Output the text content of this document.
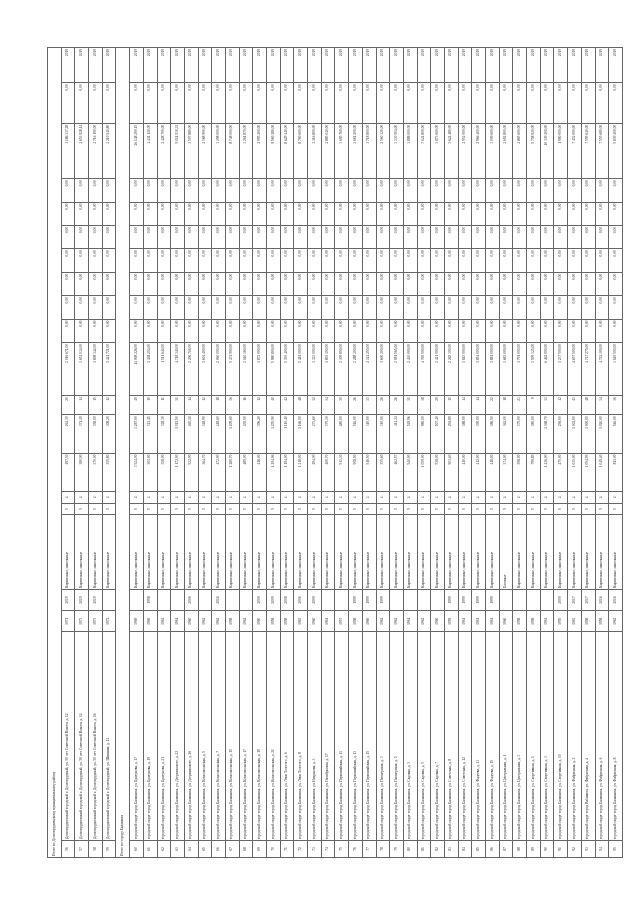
Итого по Долгопрудненскому муниципальному району																				
56	Долгопрудненский городской г. Долгопрудный, ул. 50 лет Советской Власти, д. 12	1971	2019	Кирпичные, панельные	5	4	497,30	262,30	20	2 016 671,00	0,00	0,00	0,00	0,00	0,00	0,00	0,00	3 186 337,28	0,00	2019
57	Долгопрудненский городской г. Долгопрудный, ул. 50 лет Советской Власти, д. 14	1973	2019	Кирпичные, панельные	5	4	380,90	371,19	14	1 652 534,00	0,00	0,00	0,00	0,00	0,00	0,00	0,00	2 653 928,14	0,00	2019
58	Долгопрудненский городской г. Долгопрудный, ул. 50 лет Советской Власти, д. 16	1973	2019	Кирпичные, панельные	5	4	370,00	358,00	15	1 698 342,00	0,00	0,00	0,00	0,00	0,00	0,00	0,00	2 716 190,00	0,00	2019
59	Долгопрудненский городской г. Долгопрудный, ул. Шишина, д. 12	1972		Кирпичные, панельные	5	4	355,80	308,20	12	1 421 721,00	0,00	0,00	0,00	0,00	0,00	0,00	0,00	2 210 540,80	0,00	2019
Итого по городу Балашиха																				
60	городской округ город Балашиха, ул. Брагунова, д. 17	1969		Кирпичные, панельные	5	4	3 524,00	3 287,00	49	11 008 226,00	0,00	0,00	0,00	0,00	0,00	0,00	0,00	26 148 290,15	0,00	2019
61	городской округ город Балашиха, ул. Брагунова, д. 19	1969	1998	Кирпичные, панельные	5	4	301,00	313,45	10	1 438 254,00	0,00	0,00	0,00	0,00	0,00	0,00	0,00	2 411 110,00	0,00	2019
62	городской округ город Балашиха, ул. Брагунова, д. 21	1964		Кирпичные, панельные	5	4	358,00	328,30	11	1 511 640,00	0,00	0,00	0,00	0,00	0,00	0,00	0,00	2 428 700,00	0,00	2019
63	городской округ город Балашиха, ул. Дзержинского, д. 22	1961		Кирпичные, панельные	5	4	1 172,00	1 015,50	31	4 718 340,00	0,00	0,00	0,00	0,00	0,00	0,00	0,00	9 011 530,32	0,00	2019
64	городской округ город Балашиха, ул. Дзержинского, д. 26	1960	2006	Кирпичные, панельные	5	4	522,00	465,10	14	2 206 716,00	0,00	0,00	0,00	0,00	0,00	0,00	0,00	3 507 880,00	0,00	2019
65	городской округ город Балашиха, ул. Комсомольская, д. 5	1962		Кирпичные, панельные	5	4	364,70	348,90	12	1 604 400,00	0,00	0,00	0,00	0,00	0,00	0,00	0,00	2 568 900,00	0,00	2019
66	городской округ город Балашиха, ул. Комсомольская, д. 7	1962	2016	Кирпичные, панельные	5	4	472,90	418,60	18	2 060 000,00	0,00	0,00	0,00	0,00	0,00	0,00	0,00	3 298 000,00	0,00	2019
67	городской округ город Балашиха, ул. Комсомольская, д. 15	1958		Кирпичные, панельные	5	4	1 280,70	1 209,60	36	5 474 900,00	0,00	0,00	0,00	0,00	0,00	0,00	0,00	8 748 000,00	0,00	2019
68	городской округ город Балашиха, ул. Комсомольская, д. 17	1962		Кирпичные, панельные	5	4	489,00	455,50	16	2 040 360,00	0,00	0,00	0,00	0,00	0,00	0,00	0,00	3 261 870,00	0,00	2019
69	городской округ город Балашиха, ул. Комсомольская, д. 19	1960	2009	Кирпичные, панельные	5	4	416,00	396,20	12	1 872 000,00	0,00	0,00	0,00	0,00	0,00	0,00	0,00	2 995 200,00	0,00	2019
70	городской округ город Балашиха, ул. Комсомольская, д. 21	1958	2009	Кирпичные, панельные	5	4	1 294,06	1 255,90	40	5 980 800,00	0,00	0,00	0,00	0,00	0,00	0,00	0,00	9 569 280,00	0,00	2019
71	городской округ город Балашиха, ул. Лени Толстого, д. 6	1958	2008	Кирпичные, панельные	5	4	1 194,00	1 110,40	42	5 393 400,00	0,00	0,00	0,00	0,00	0,00	0,00	0,00	8 629 440,00	0,00	2019
72	городской округ город Балашиха, ул. Лени Толстого, д. 8	1963	2006	Кирпичные, панельные	5	4	1 218,00	1 166,00	48	5 481 000,00	0,00	0,00	0,00	0,00	0,00	0,00	0,00	8 769 600,00	0,00	2019
73	городской округ город Балашиха, ул. Некрасова, д. 3	1960	2009	Кирпичные, панельные	5	4	294,00	273,60	32	1 323 000,00	0,00	0,00	0,00	0,00	0,00	0,00	0,00	2 116 800,00	0,00	2019
74	городской округ город Балашиха, ул. Октябрьская, д. 17	1961		Кирпичные, панельные	5	4	400,70	375,30	34	1 803 150,00	0,00	0,00	0,00	0,00	0,00	0,00	0,00	2 885 040,00	0,00	2019
75	городской округ город Балашиха, ул. Первомайская, д. 11	1957		Кирпичные, панельные	5	4	513,30	480,00	30	2 309 850,00	0,00	0,00	0,00	0,00	0,00	0,00	0,00	3 695 760,00	0,00	2019
76	городской округ город Балашиха, ул. Первомайская, д. 13	1958	1999	Кирпичные, панельные	5	4	508,50	516,00	26	2 288 250,00	0,00	0,00	0,00	0,00	0,00	0,00	0,00	3 661 200,00	0,00	2019
77	городской округ город Балашиха, ул. Первомайская, д. 15	1960	1999	Кирпичные, панельные	5	4	516,50	310,00	33	2 324 250,00	0,00	0,00	0,00	0,00	0,00	0,00	0,00	3 718 800,00	0,00	2019
78	городской округ город Балашиха, ул. Пионерская, д. 3	1962	1999	Кирпичные, панельные	5	4	355,60	310,00	26	1 600 200,00	0,00	0,00	0,00	0,00	0,00	0,00	0,00	2 560 320,00	0,00	2019
79	городской округ город Балашиха, ул. Пионерская, д. 5	1962		Кирпичные, панельные	5	4	462,57	411,24	26	2 081 565,00	0,00	0,00	0,00	0,00	0,00	0,00	0,00	3 330 504,00	0,00	2019
80	городской округ город Балашиха, ул. Садовая, д. 3	1961		Кирпичные, панельные	5	4	540,00	529,96	31	2 430 000,00	0,00	0,00	0,00	0,00	0,00	0,00	0,00	3 888 000,00	0,00	2019
81	городской округ город Балашиха, ул. Садовая, д. 5	1962		Кирпичные, панельные	5	4	1 059,00	980,00	38	4 765 500,00	0,00	0,00	0,00	0,00	0,00	0,00	0,00	7 624 800,00	0,00	2019
82	городской округ город Балашиха, ул. Садовая, д. 7	1960		Кирпичные, панельные	5	4	538,00	507,40	29	2 421 000,00	0,00	0,00	0,00	0,00	0,00	0,00	0,00	3 873 600,00	0,00	2019
83	городской округ город Балашиха, ул. Советская, д. 8	1959	1999	Кирпичные, панельные	5	4	503,40	294,89	15	2 265 300,00	0,00	0,00	0,00	0,00	0,00	0,00	0,00	3 624 480,00	0,00	2019
84	городской округ город Балашиха, ул. Советская, д. 12	1961	1999	Кирпичные, панельные	5	4	410,00	388,00	14	1 845 000,00	0,00	0,00	0,00	0,00	0,00	0,00	0,00	2 952 000,00	0,00	2019
85	городской округ город Балашиха, ул. Фадеева, д. 13	1961	1999	Кирпичные, панельные	5	4	412,00	390,00	14	1 854 000,00	0,00	0,00	0,00	0,00	0,00	0,00	0,00	2 966 400,00	0,00	2019
86	городской округ город Балашиха, ул. Фадеева, д. 15	1961	1999	Кирпичные, панельные	5	4	418,00	386,50	22	1 881 000,00	0,00	0,00	0,00	0,00	0,00	0,00	0,00	3 009 600,00	0,00	2019
87	городской округ город Балашиха, ул. Центральная, д. 1	1960		Блочные	5	4	374,00	362,00	18	1 683 000,00	0,00	0,00	0,00	0,00	0,00	0,00	0,00	2 692 800,00	0,00	2019
88	городской округ город Балашиха, ул. Центральная, д. 3	1958		Кирпичные, панельные	5	4	398,00	375,00	23	1 791 000,00	0,00	0,00	0,00	0,00	0,00	0,00	0,00	2 865 600,00	0,00	2019
89	городской округ город Балашиха, ул. Спортивная, д. 1	1958		Кирпичные, панельные	5	4	799,85	380,00	9	3 599 325,00	0,00	0,00	0,00	0,00	0,00	0,00	0,00	5 758 920,00	0,00	2019
90	городской округ город Балашиха, ул. Спортивная, д. 3	1961		Кирпичные, панельные	5	4	1 436,00	1 368,70	33	6 462 000,00	0,00	0,00	0,00	0,00	0,00	0,00	0,00	10 339 200,00	0,00	2019
91	городской округ город Балашиха, ул. Спортивная, д. 10	1955	2009	Кирпичные, панельные	5	4	275,00	256,00	12	1 237 500,00	0,00	0,00	0,00	0,00	0,00	0,00	0,00	1 980 000,00	0,00	2019
92	городской округ город Балашиха, ул. Фабричная, д. 2	1963	2017	Кирпичные, панельные	5	4	1 035,00	1 002,00	43	4 657 500,00	0,00	0,00	0,00	0,00	0,00	0,00	0,00	7 452 000,00	0,00	2019
93	городской округ город Balашиха, ул. Фабричная, д. 4	1958	2017	Кирпичные, панельные	5	4	1 054,95	1 000,00	48	4 747 275,00	0,00	0,00	0,00	0,00	0,00	0,00	0,00	7 595 640,00	0,00	2019
94	городской округ город Балашиха, ул. Фабричная, д. 6	1958	2016	Кирпичные, панельные	5	4	1 049,40	1 020,00	34	4 722 300,00	0,00	0,00	0,00	0,00	0,00	0,00	0,00	7 555 680,00	0,00	2019
95	городской округ город Балашиха, ул. Фабричная, д. 8	1962	2016	Кирпичные, панельные	5	4	811,00	546,00	36	3 649 500,00	0,00	0,00	0,00	0,00	0,00	0,00	0,00	5 839 200,00	0,00	2019
